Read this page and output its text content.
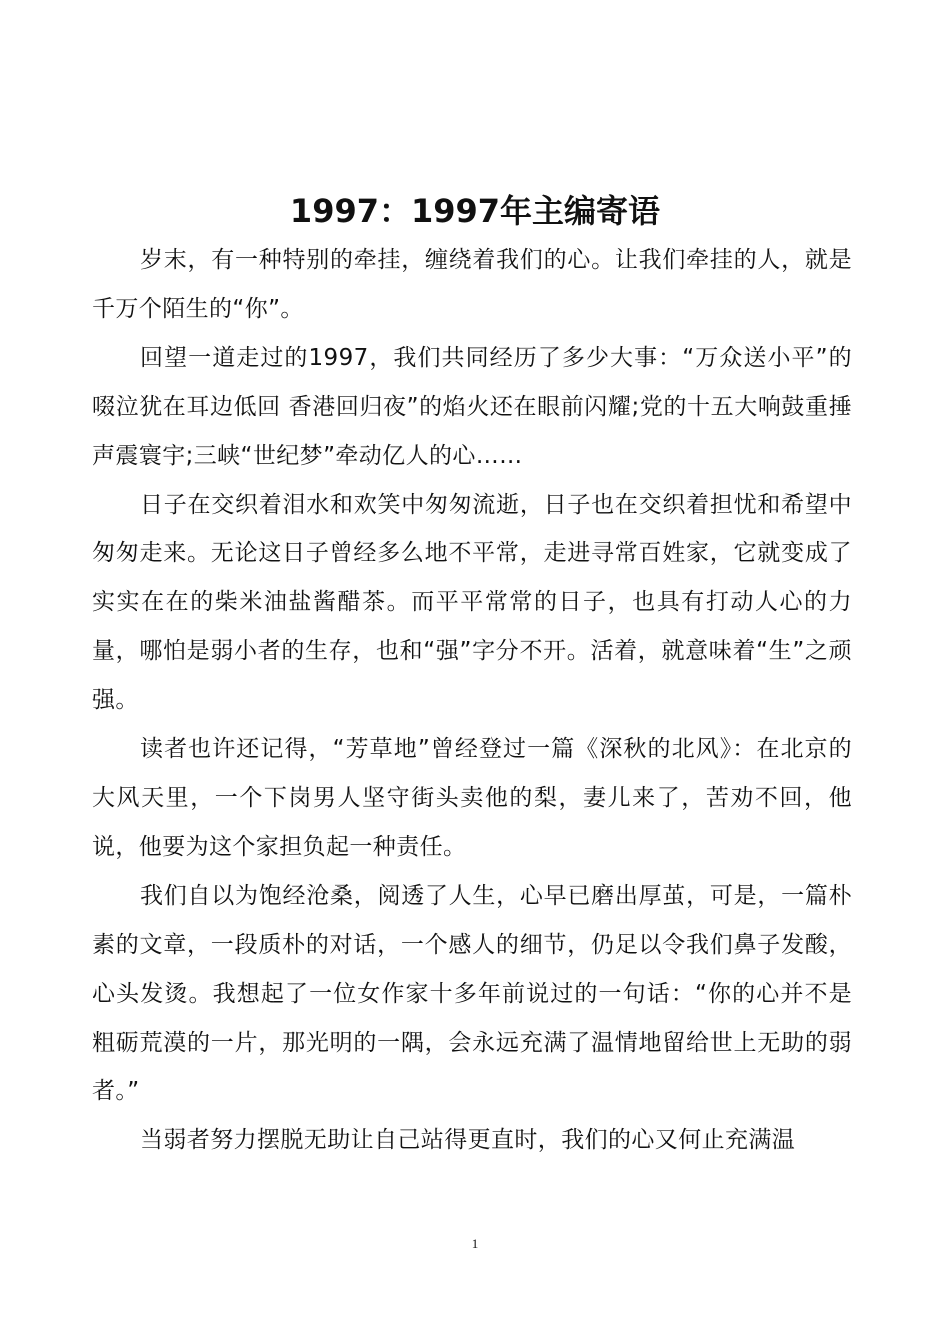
1997：1997年主编寄语

岁末，有一种特别的牵挂，缠绕着我们的心。让我们牵挂的人，就是千万个陌生的“你”。

回望一道走过的1997，我们共同经历了多少大事：“万众送小平”的啜泣犹在耳边低回 香港回归夜”的焰火还在眼前闪耀;党的十五大响鼓重捶声震寰宇;三峡“世纪梦”牵动亿人的心……

日子在交织着泪水和欢笑中匆匆流逝，日子也在交织着担忧和希望中匆匆走来。无论这日子曾经多么地不平常，走进寻常百姓家，它就变成了实实在在的柴米油盐酱醋茶。而平平常常的日子，也具有打动人心的力量，哪怕是弱小者的生存，也和“强”字分不开。活着，就意味着“生”之顽强。

读者也许还记得，“芳草地”曾经登过一篇《深秋的北风》：在北京的大风天里，一个下岗男人坚守街头卖他的梨，妻儿来了，苦劝不回，他说，他要为这个家担负起一种责任。

我们自以为饱经沧桑，阅透了人生，心早已磨出厚茧，可是，一篇朴素的文章，一段质朴的对话，一个感人的细节，仍足以令我们鼻子发酸，心头发烫。我想起了一位女作家十多年前说过的一句话：“你的心并不是粗砺荒漠的一片，那光明的一隅，会永远充满了温情地留给世上无助的弱者。”

当弱者努力摆脱无助让自己站得更直时，我们的心又何止充满温

1
